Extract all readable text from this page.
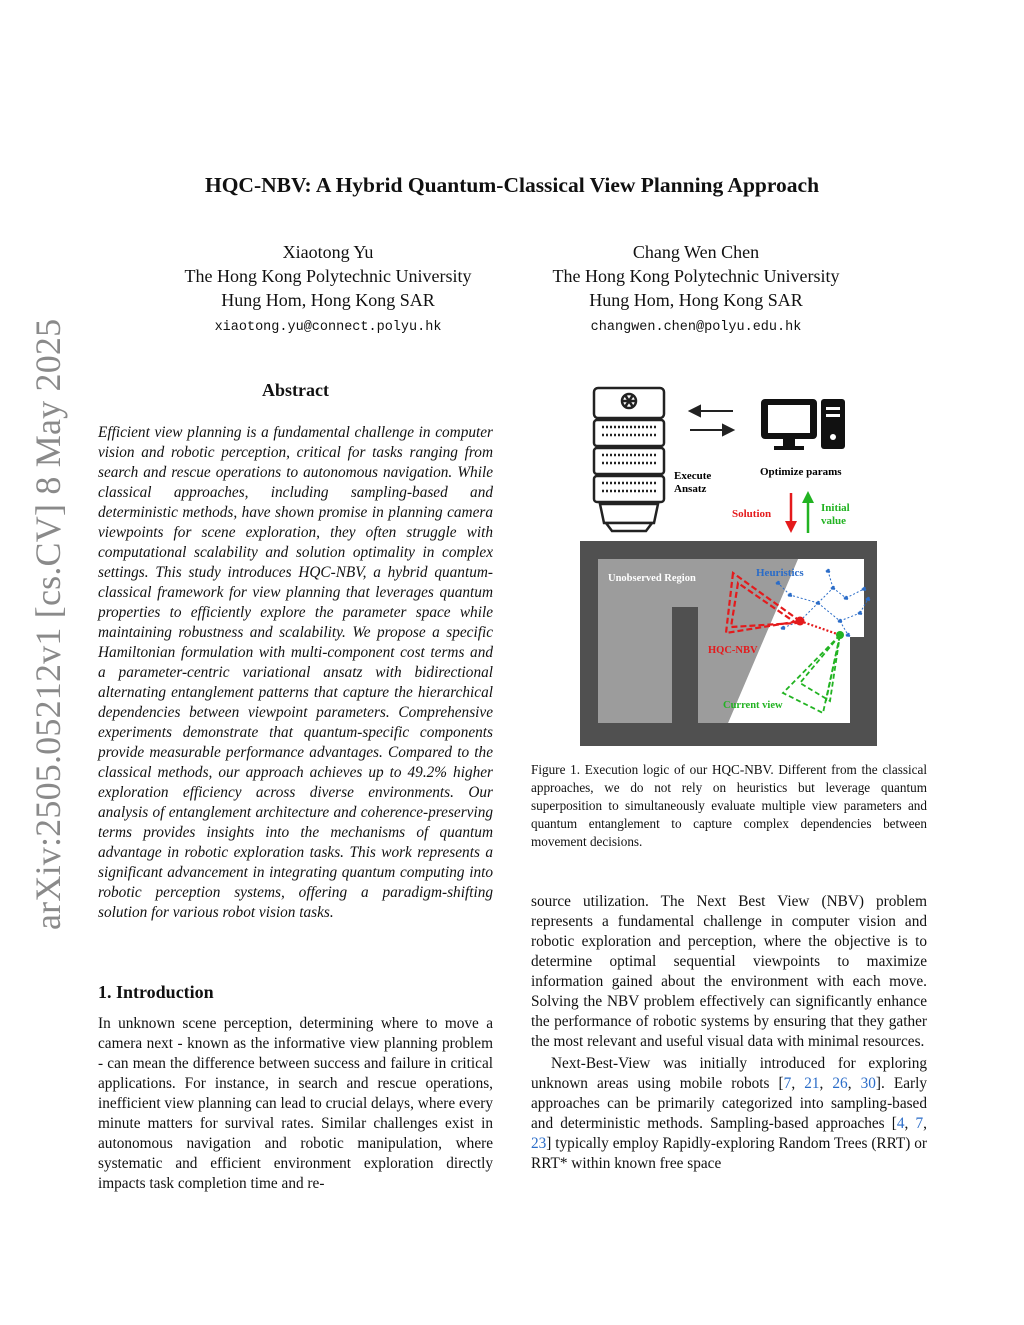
HQC-NBV: A Hybrid Quantum-Classical View Planning Approach
Xiaotong Yu
The Hong Kong Polytechnic University
Hung Hom, Hong Kong SAR
xiaotong.yu@connect.polyu.hk
Chang Wen Chen
The Hong Kong Polytechnic University
Hung Hom, Hong Kong SAR
changwen.chen@polyu.edu.hk
arXiv:2505.05212v1 [cs.CV] 8 May 2025	Abstract
Efficient view planning is a fundamental challenge in computer vision and robotic perception, critical for tasks ranging from search and rescue operations to autonomous navigation. While classical approaches, including sampling-based and deterministic methods, have shown promise in planning camera viewpoints for scene exploration, they often struggle with computational scalability and solution optimality in complex settings. This study introduces HQC-NBV, a hybrid quantum-classical framework for view planning that leverages quantum properties to efficiently explore the parameter space while maintaining robustness and scalability. We propose a specific Hamiltonian formulation with multi-component cost terms and a parameter-centric variational ansatz with bidirectional alternating entanglement patterns that capture the hierarchical dependencies between viewpoint parameters. Comprehensive experiments demonstrate that quantum-specific components provide measurable performance advantages. Compared to the classical methods, our approach achieves up to 49.2% higher exploration efficiency across diverse environments. Our analysis of entanglement architecture and coherence-preserving terms provides insights into the mechanisms of quantum advantage in robotic exploration tasks. This work represents a significant advancement in integrating quantum computing into robotic perception systems, offering a paradigm-shifting solution for various robot vision tasks.
1. Introduction
In unknown scene perception, determining where to move a camera next - known as the informative view planning problem - can mean the difference between success and failure in critical applications. For instance, in search and rescue operations, inefficient view planning can lead to crucial delays, where every minute matters for survival rates. Similar challenges exist in autonomous navigation and robotic manipulation, where systematic and efficient environment exploration directly impacts task completion time and re-
Execute Ansatz
Optimize params
Solution	Initial value
Unobserved Region	Heuristics
HQC-NBV
Current view
Figure 1. Execution logic of our HQC-NBV. Different from the classical approaches, we do not rely on heuristics but leverage quantum superposition to simultaneously evaluate multiple view parameters and quantum entanglement to capture complex dependencies between movement decisions.

source utilization. The Next Best View (NBV) problem represents a fundamental challenge in computer vision and robotic exploration and perception, where the objective is to determine optimal sequential viewpoints to maximize information gained about the environment with each move. Solving the NBV problem effectively can significantly enhance the performance of robotic systems by ensuring that they gather the most relevant and useful visual data with minimal resources.

Next-Best-View was initially introduced for exploring unknown areas using mobile robots [7, 21, 26, 30]. Early approaches can be primarily categorized into sampling-based and deterministic methods. Sampling-based approaches [4, 7, 23] typically employ Rapidly-exploring Random Trees (RRT) or RRT* within known free space
